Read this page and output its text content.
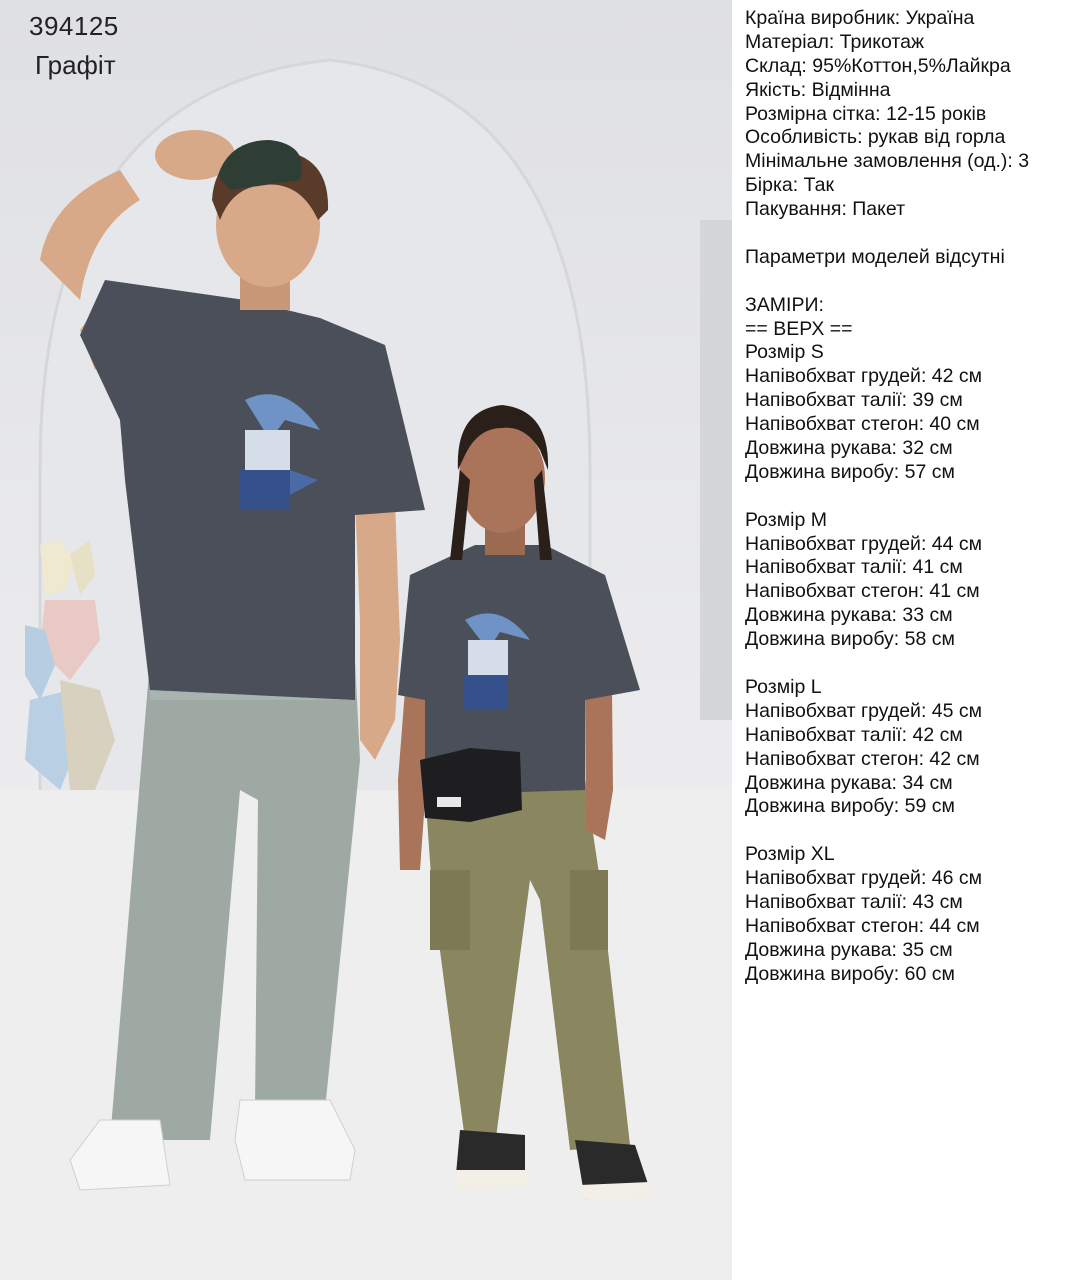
394125
Графіт
Країна виробник: Україна
Матеріал: Трикотаж
Склад: 95%Коттон,5%Лайкра
Якість: Відмінна
Розмірна сітка: 12-15 років
Особливість: рукав від горла
Мінімальне замовлення (од.): 3
Бірка: Так
Пакування: Пакет
Параметри моделей відсутні
ЗАМІРИ:
== ВЕРХ ==
Розмір S
Напівобхват грудей: 42 см
Напівобхват талії: 39 см
Напівобхват стегон: 40 см
Довжина рукава: 32 см
Довжина виробу: 57 см
Розмір M
Напівобхват грудей: 44 см
Напівобхват талії: 41 см
Напівобхват стегон: 41 см
Довжина рукава: 33 см
Довжина виробу: 58 см
Розмір L
Напівобхват грудей: 45 см
Напівобхват талії: 42 см
Напівобхват стегон: 42 см
Довжина рукава: 34 см
Довжина виробу: 59 см
Розмір XL
Напівобхват грудей: 46 см
Напівобхват талії: 43 см
Напівобхват стегон: 44 см
Довжина рукава: 35 см
Довжина виробу: 60 см
